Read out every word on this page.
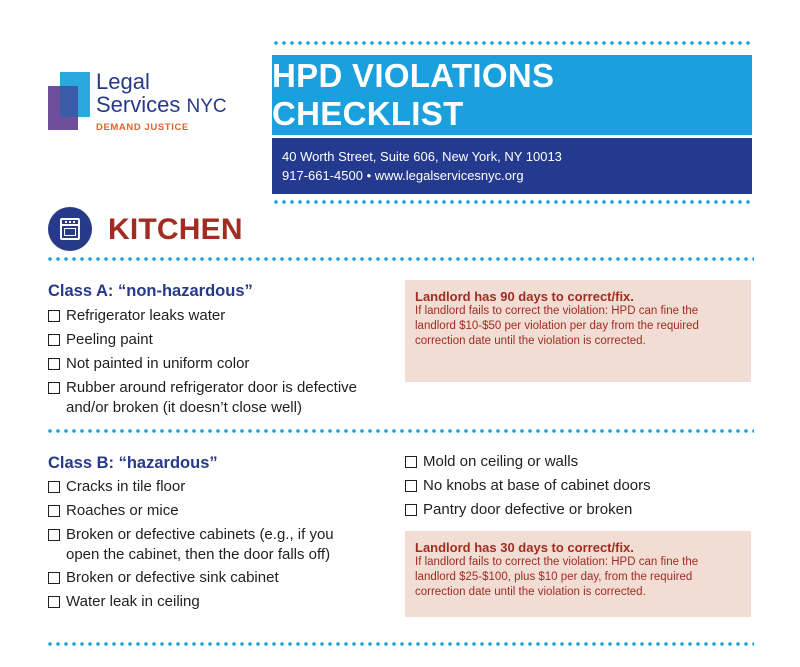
Legal
Services NYC
DEMAND JUSTICE
HPD VIOLATIONS CHECKLIST
40 Worth Street, Suite 606, New York, NY 10013
917-661-4500 • www.legalservicesnyc.org
KITCHEN
Class A: “non-hazardous”
Refrigerator leaks water
Peeling paint
Not painted in uniform color
Rubber around refrigerator door is defective
and/or broken (it doesn’t close well)
Landlord has 90 days to correct/fix.
If landlord fails to correct the violation: HPD can fine the
landlord $10-$50 per violation per day from the required
correction date until the violation is corrected.
Class B: “hazardous”
Cracks in tile floor
Roaches or mice
Broken or defective cabinets (e.g., if you
open the cabinet, then the door falls off)
Broken or defective sink cabinet
Water leak in ceiling
Mold on ceiling or walls
No knobs at base of cabinet doors
Pantry door defective or broken
Landlord has 30 days to correct/fix.
If landlord fails to correct the violation: HPD can fine the
landlord $25-$100, plus $10 per day, from the required
correction date until the violation is corrected.
